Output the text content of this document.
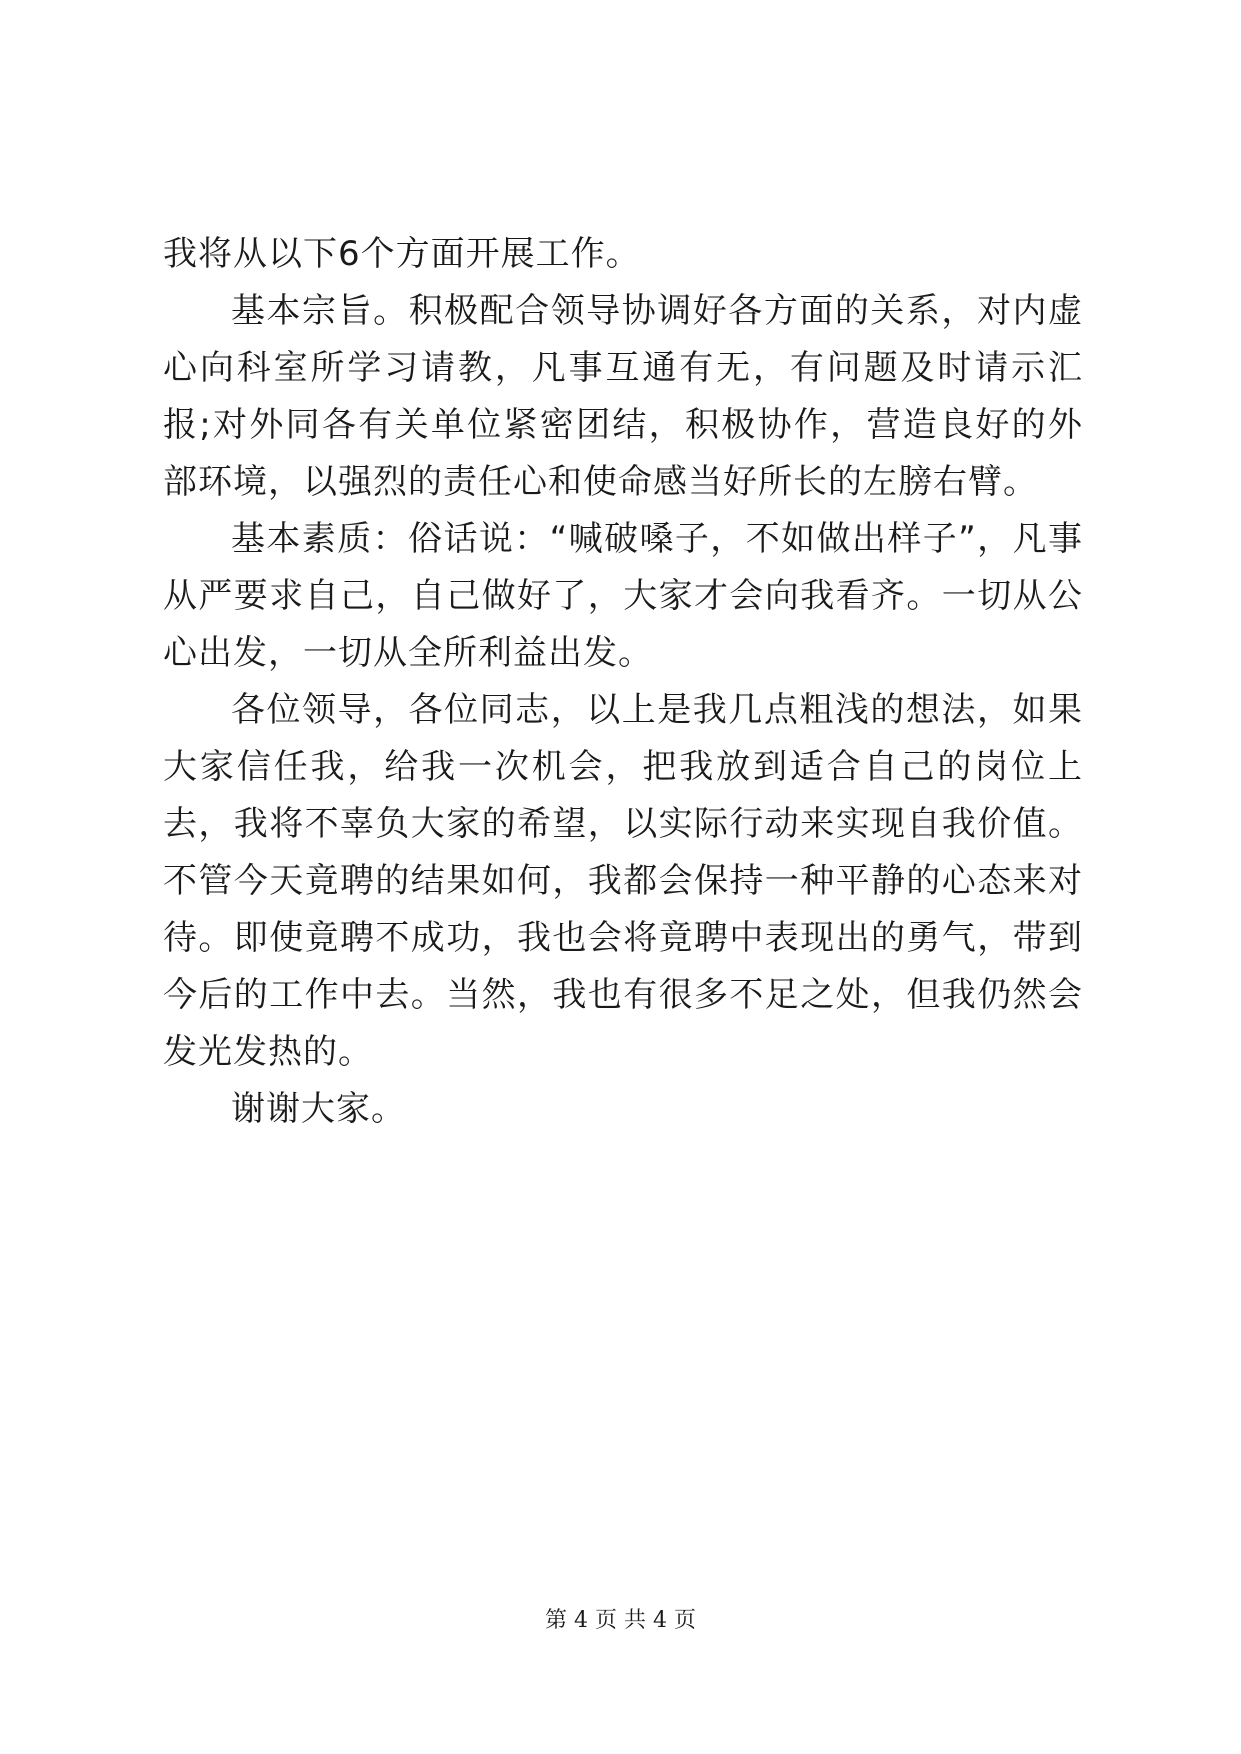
我将从以下6个方面开展工作。

基本宗旨。积极配合领导协调好各方面的关系，对内虚心向科室所学习请教，凡事互通有无，有问题及时请示汇报;对外同各有关单位紧密团结，积极协作，营造良好的外部环境，以强烈的责任心和使命感当好所长的左膀右臂。

基本素质：俗话说：“喊破嗓子，不如做出样子”，凡事从严要求自己，自己做好了，大家才会向我看齐。一切从公心出发，一切从全所利益出发。

各位领导，各位同志，以上是我几点粗浅的想法，如果大家信任我，给我一次机会，把我放到适合自己的岗位上去，我将不辜负大家的希望，以实际行动来实现自我价值。不管今天竟聘的结果如何，我都会保持一种平静的心态来对待。即使竟聘不成功，我也会将竟聘中表现出的勇气，带到今后的工作中去。当然，我也有很多不足之处，但我仍然会发光发热的。

谢谢大家。

第 4 页 共 4 页
